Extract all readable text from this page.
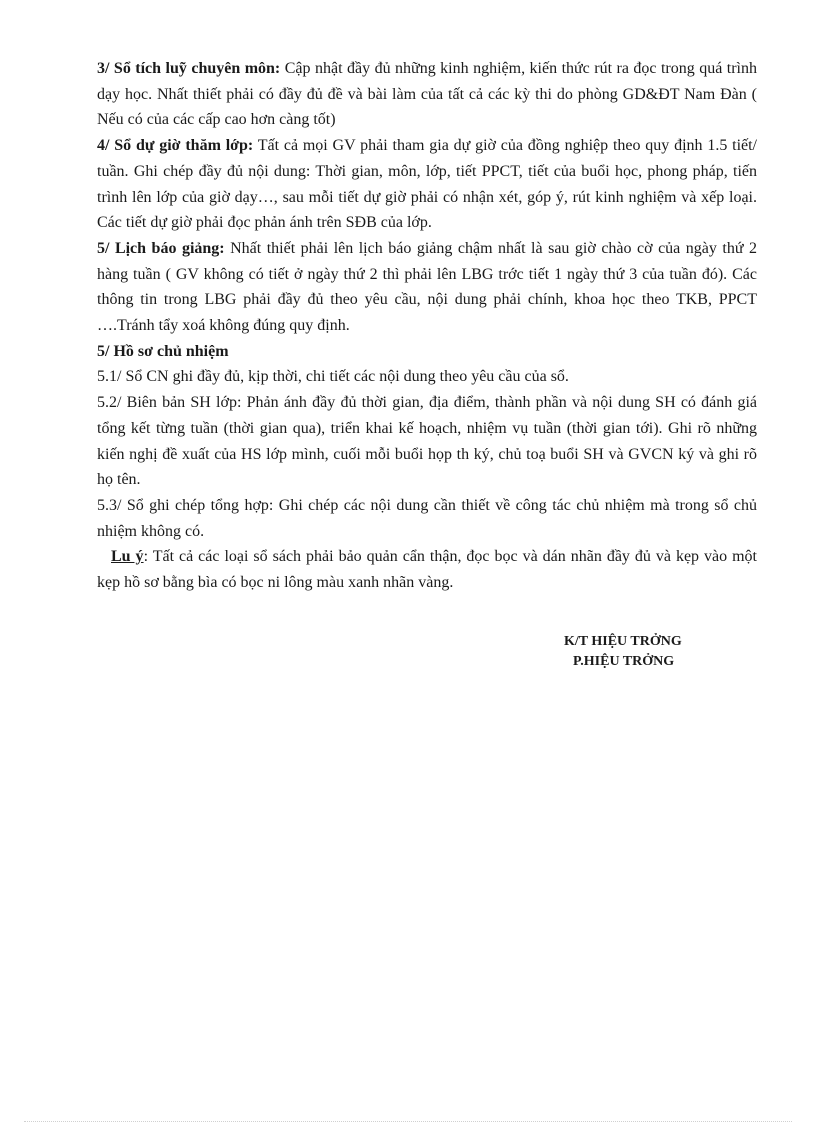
3/ Sổ tích luỹ chuyên môn: Cập nhật đầy đủ những kinh nghiệm, kiến thức rút ra đọc trong quá trình dạy học. Nhất thiết phải có đầy đủ đề và bài làm của tất cả các kỳ thi do phòng GD&ĐT Nam Đàn ( Nếu có của các cấp cao hơn càng tốt)

4/ Sổ dự giờ thăm lớp: Tất cả mọi GV phải tham gia dự giờ của đồng nghiệp theo quy định 1.5 tiết/ tuần. Ghi chép đầy đủ nội dung: Thời gian, môn, lớp, tiết PPCT, tiết của buổi học, phong pháp, tiến trình lên lớp của giờ dạy…, sau mỗi tiết dự giờ phải có nhận xét, góp ý, rút kinh nghiệm và xếp loại. Các tiết dự giờ phải đọc phản ánh trên SĐB của lớp.

5/ Lịch báo giảng: Nhất thiết phải lên lịch báo giảng chậm nhất là sau giờ chào cờ của ngày thứ 2 hàng tuần ( GV không có tiết ở ngày thứ 2 thì phải lên LBG trớc tiết 1 ngày thứ 3 của tuần đó). Các thông tin trong LBG phải đầy đủ theo yêu cầu, nội dung phải chính, khoa học theo TKB, PPCT ….Tránh tẩy xoá không đúng quy định.

5/ Hồ sơ chủ nhiệm

5.1/ Sổ CN ghi đầy đủ, kịp thời, chi tiết các nội dung theo yêu cầu của sổ.

5.2/ Biên bản SH lớp: Phản ánh đầy đủ thời gian, địa điểm, thành phần và nội dung SH có đánh giá tổng kết từng tuần (thời gian qua), triển khai kế hoạch, nhiệm vụ tuần (thời gian tới). Ghi rõ những kiến nghị đề xuất của HS lớp mình, cuối mỗi buổi họp th ký, chủ toạ buổi SH và GVCN ký và ghi rõ họ tên.

5.3/ Sổ ghi chép tổng hợp: Ghi chép các nội dung cần thiết về công tác chủ nhiệm mà trong sổ chủ nhiệm không có.

Lu ý: Tất cả các loại sổ sách phải bảo quản cẩn thận, đọc bọc và dán nhãn đầy đủ và kẹp vào một kẹp hồ sơ bằng bìa có bọc ni lông màu xanh nhãn vàng.

K/T HIỆU TRỞNG
P.HIỆU TRỞNG
